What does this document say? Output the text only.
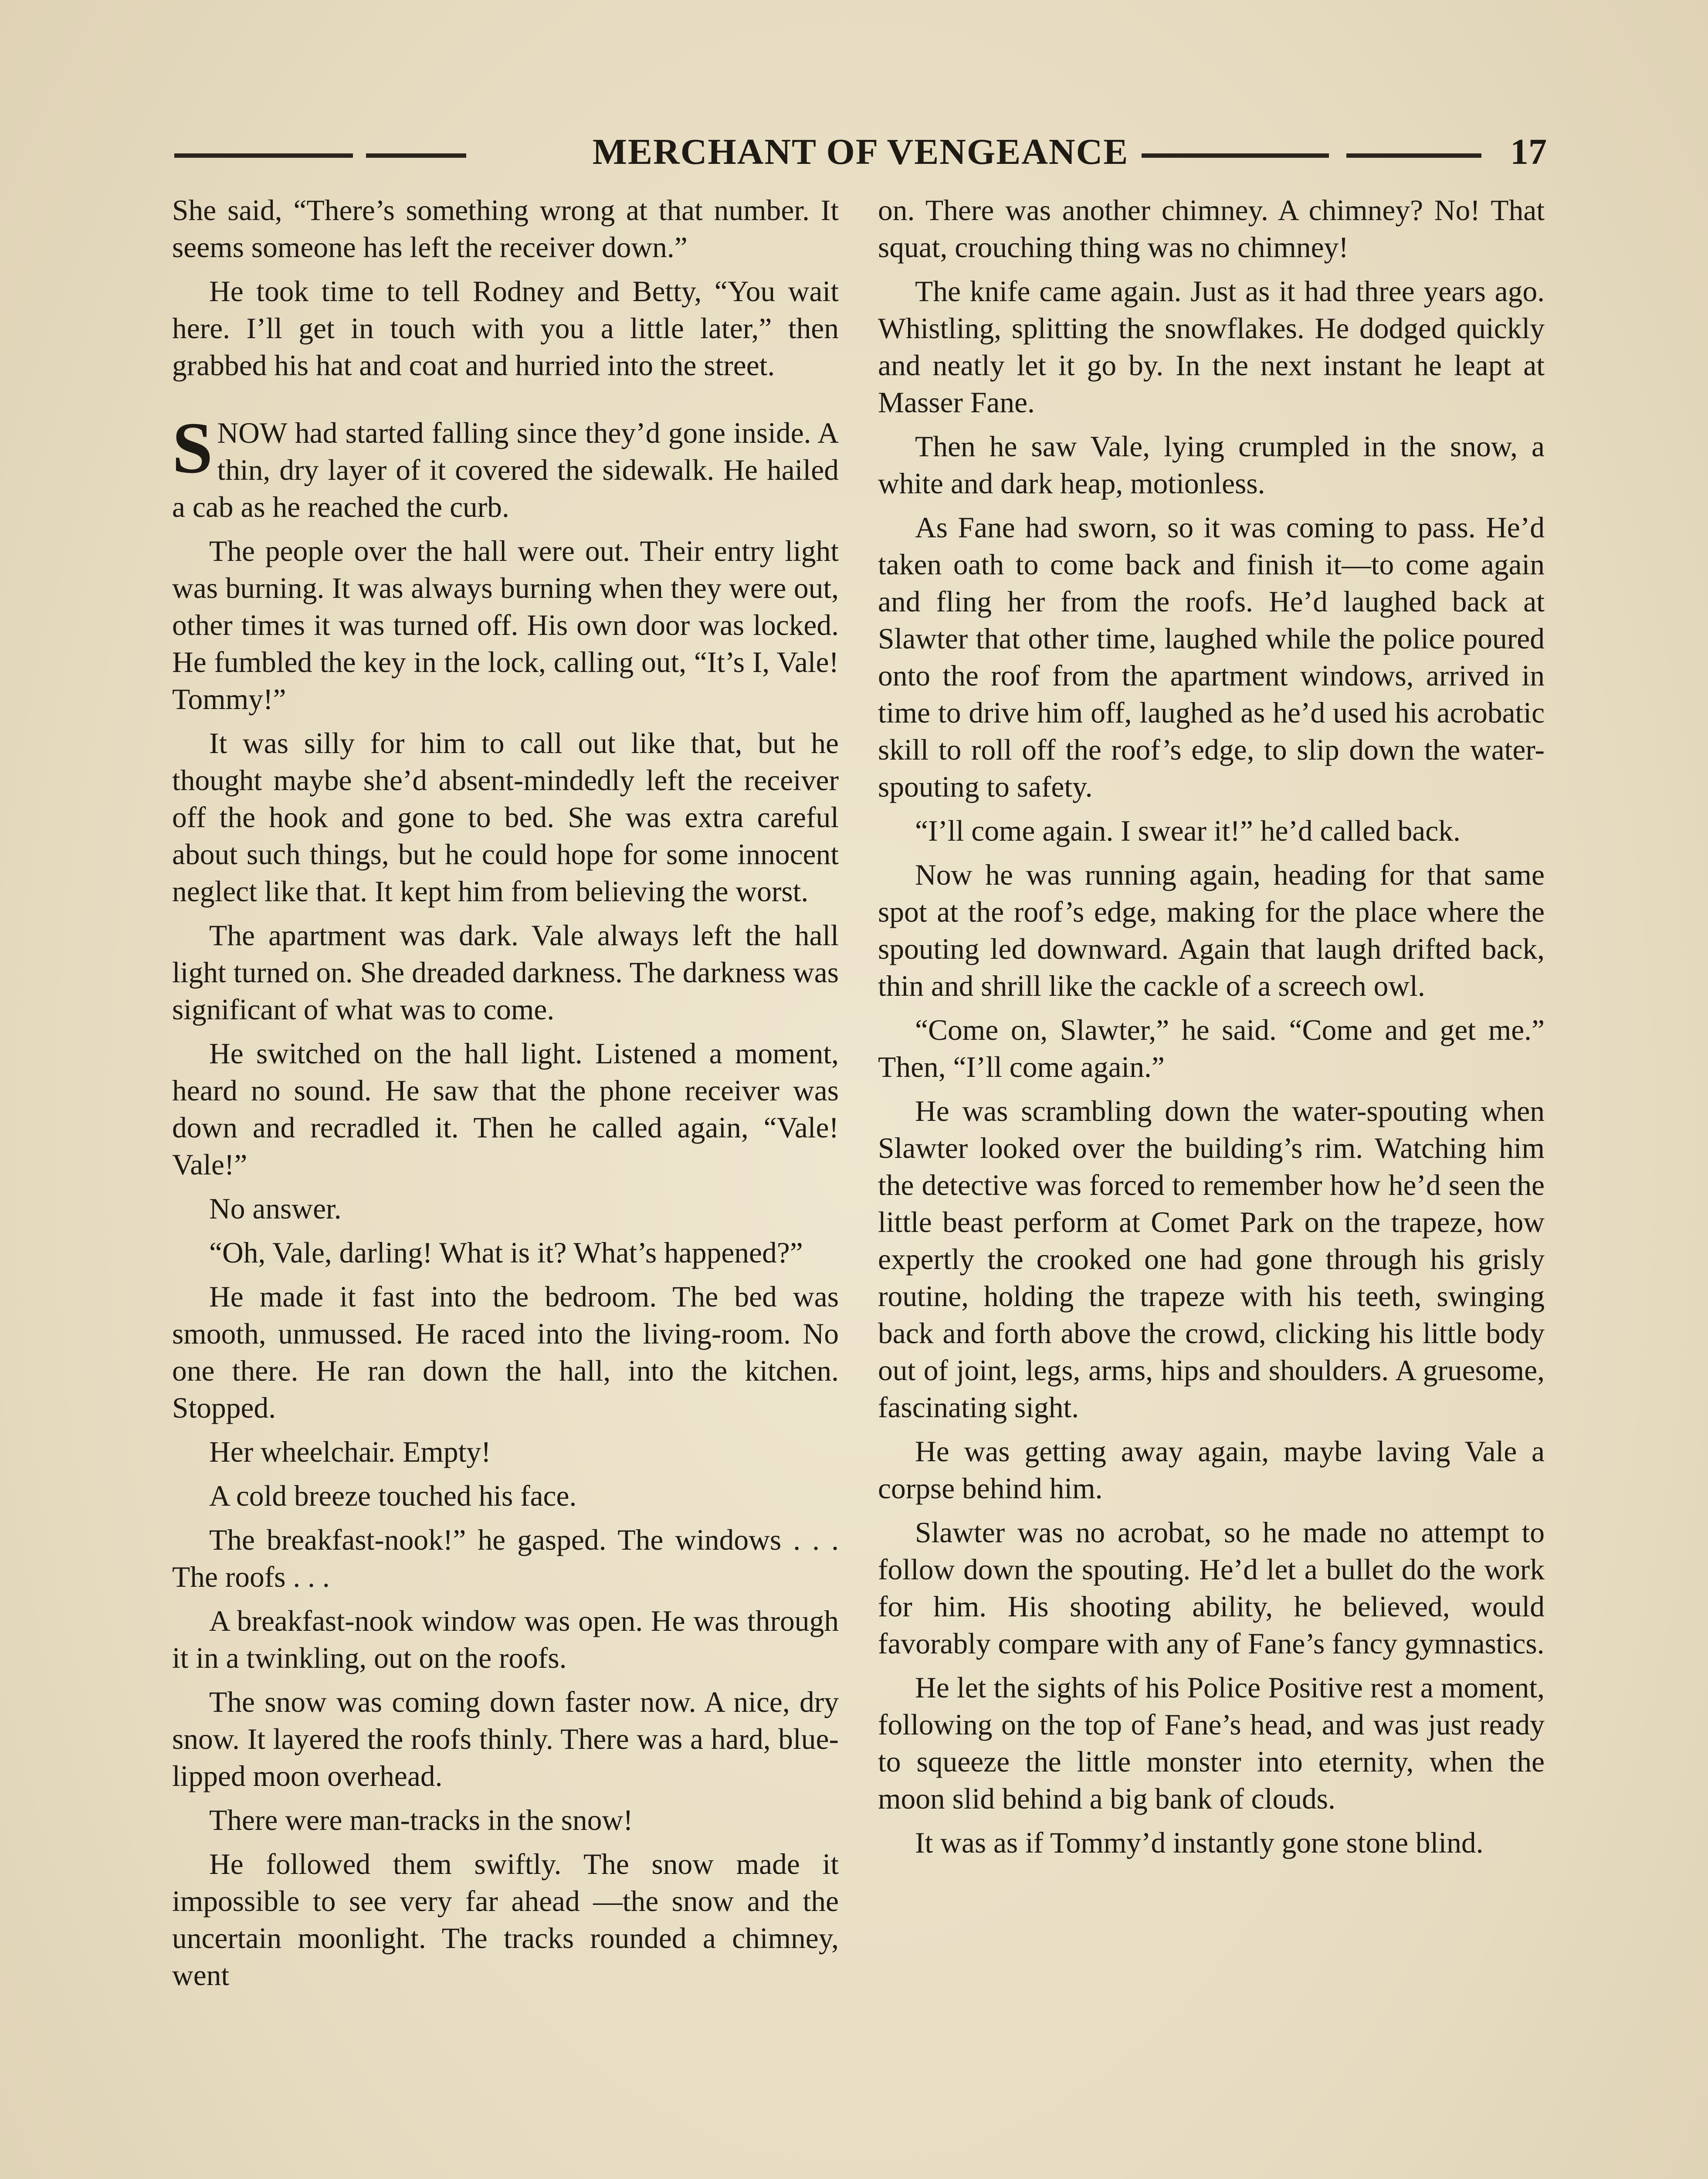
MERCHANT OF VENGEANCE	17

She said, “There’s something wrong at that number. It seems someone has left the receiver down.”

He took time to tell Rodney and Betty, “You wait here. I’ll get in touch with you a little later,” then grabbed his hat and coat and hurried into the street.

SNOW had started falling since they’d gone inside. A thin, dry layer of it covered the sidewalk. He hailed a cab as he reached the curb.

The people over the hall were out. Their entry light was burning. It was always burning when they were out, other times it was turned off. His own door was locked. He fumbled the key in the lock, calling out, “It’s I, Vale! Tommy!”

It was silly for him to call out like that, but he thought maybe she’d absent-mindedly left the receiver off the hook and gone to bed. She was extra careful about such things, but he could hope for some innocent neglect like that. It kept him from believing the worst.

The apartment was dark. Vale always left the hall light turned on. She dreaded darkness. The darkness was significant of what was to come.

He switched on the hall light. Listened a moment, heard no sound. He saw that the phone receiver was down and recradled it. Then he called again, “Vale! Vale!”

No answer.

“Oh, Vale, darling! What is it? What’s happened?”

He made it fast into the bedroom. The bed was smooth, unmussed. He raced into the living-room. No one there. He ran down the hall, into the kitchen. Stopped.

Her wheelchair. Empty!

A cold breeze touched his face.

The breakfast-nook!” he gasped. The windows . . . The roofs . . .

A breakfast-nook window was open. He was through it in a twinkling, out on the roofs.

The snow was coming down faster now. A nice, dry snow. It layered the roofs thinly. There was a hard, blue-lipped moon overhead.

There were man-tracks in the snow!

He followed them swiftly. The snow made it impossible to see very far ahead —the snow and the uncertain moonlight. The tracks rounded a chimney, went

on. There was another chimney. A chimney? No! That squat, crouching thing was no chimney!

The knife came again. Just as it had three years ago. Whistling, splitting the snowflakes. He dodged quickly and neatly let it go by. In the next instant he leapt at Masser Fane.

Then he saw Vale, lying crumpled in the snow, a white and dark heap, motionless.

As Fane had sworn, so it was coming to pass. He’d taken oath to come back and finish it—to come again and fling her from the roofs. He’d laughed back at Slawter that other time, laughed while the police poured onto the roof from the apartment windows, arrived in time to drive him off, laughed as he’d used his acrobatic skill to roll off the roof’s edge, to slip down the water-spouting to safety.

“I’ll come again. I swear it!” he’d called back.

Now he was running again, heading for that same spot at the roof’s edge, making for the place where the spouting led downward. Again that laugh drifted back, thin and shrill like the cackle of a screech owl.

“Come on, Slawter,” he said. “Come and get me.” Then, “I’ll come again.”

He was scrambling down the water-spouting when Slawter looked over the building’s rim. Watching him the detective was forced to remember how he’d seen the little beast perform at Comet Park on the trapeze, how expertly the crooked one had gone through his grisly routine, holding the trapeze with his teeth, swinging back and forth above the crowd, clicking his little body out of joint, legs, arms, hips and shoulders. A gruesome, fascinating sight.

He was getting away again, maybe laving Vale a corpse behind him.

Slawter was no acrobat, so he made no attempt to follow down the spouting. He’d let a bullet do the work for him. His shooting ability, he believed, would favorably compare with any of Fane’s fancy gymnastics.

He let the sights of his Police Positive rest a moment, following on the top of Fane’s head, and was just ready to squeeze the little monster into eternity, when the moon slid behind a big bank of clouds.

It was as if Tommy’d instantly gone stone blind.
